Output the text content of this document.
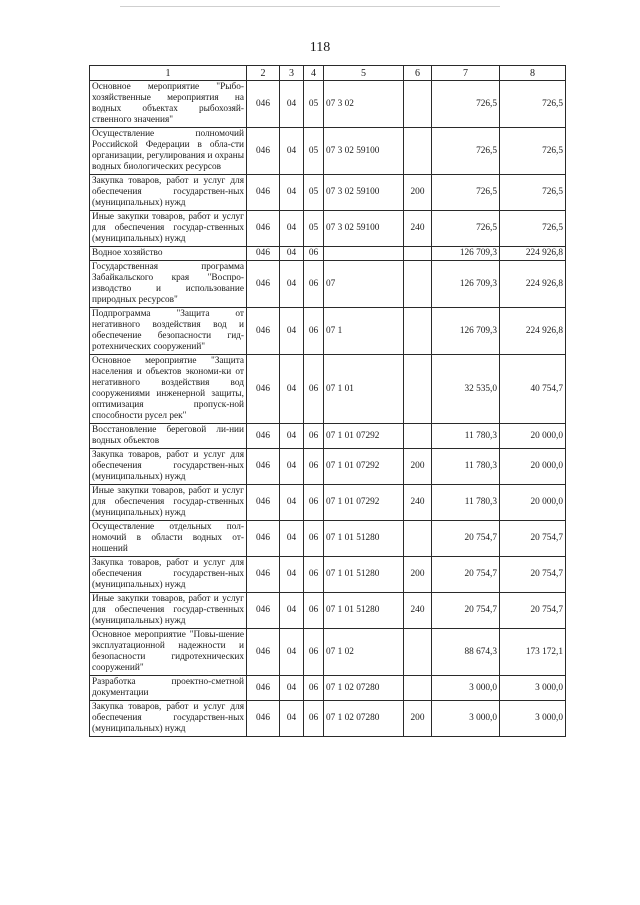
118
1	2	3	4	5	6	7	8
Основное мероприятие "Рыбо-хозяйственные мероприятия на водных объектах рыбохозяй-ственного значения"	046	04	05	07 3 02		726,5	726,5
Осуществление полномочий Российской Федерации в обла-сти организации, регулирования и охраны водных биологических ресурсов	046	04	05	07 3 02 59100		726,5	726,5
Закупка товаров, работ и услуг для обеспечения государствен-ных (муниципальных) нужд	046	04	05	07 3 02 59100	200	726,5	726,5
Иные закупки товаров, работ и услуг для обеспечения государ-ственных (муниципальных) нужд	046	04	05	07 3 02 59100	240	726,5	726,5
Водное хозяйство	046	04	06			126 709,3	224 926,8
Государственная программа Забайкальского края "Воспро-изводство и использование природных ресурсов"	046	04	06	07		126 709,3	224 926,8
Подпрограмма "Защита от негативного воздействия вод и обеспечение безопасности гид-ротехнических сооружений"	046	04	06	07 1		126 709,3	224 926,8
Основное мероприятие "Защита населения и объектов экономи-ки от негативного воздействия вод сооружениями инженерной защиты, оптимизация пропуск-ной способности русел рек"	046	04	06	07 1 01		32 535,0	40 754,7
Восстановление береговой ли-нии водных объектов	046	04	06	07 1 01 07292		11 780,3	20 000,0
Закупка товаров, работ и услуг для обеспечения государствен-ных (муниципальных) нужд	046	04	06	07 1 01 07292	200	11 780,3	20 000,0
Иные закупки товаров, работ и услуг для обеспечения государ-ственных (муниципальных) нужд	046	04	06	07 1 01 07292	240	11 780,3	20 000,0
Осуществление отдельных пол-номочий в области водных от-ношений	046	04	06	07 1 01 51280		20 754,7	20 754,7
Закупка товаров, работ и услуг для обеспечения государствен-ных (муниципальных) нужд	046	04	06	07 1 01 51280	200	20 754,7	20 754,7
Иные закупки товаров, работ и услуг для обеспечения государ-ственных (муниципальных) нужд	046	04	06	07 1 01 51280	240	20 754,7	20 754,7
Основное мероприятие "Повы-шение эксплуатационной надежности и безопасности гидротехнических сооружений"	046	04	06	07 1 02		88 674,3	173 172,1
Разработка проектно-сметной документации	046	04	06	07 1 02 07280		3 000,0	3 000,0
Закупка товаров, работ и услуг для обеспечения государствен-ных (муниципальных) нужд	046	04	06	07 1 02 07280	200	3 000,0	3 000,0
